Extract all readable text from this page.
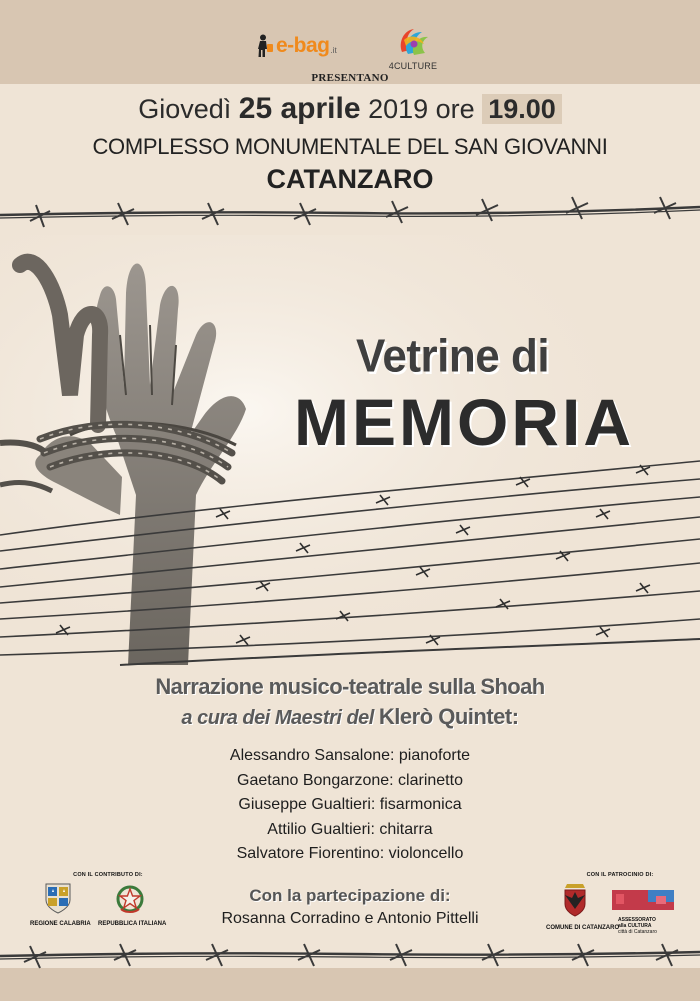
e-bag .it
4CULTURE
PRESENTANO
Giovedì 25 aprile 2019 ore 19.00
COMPLESSO MONUMENTALE DEL SAN GIOVANNI
CATANZARO
Vetrine di
MEMORIA
Narrazione musico-teatrale sulla Shoah
a cura dei Maestri del Klerò Quintet:
Alessandro Sansalone: pianoforte
Gaetano Bongarzone: clarinetto
Giuseppe Gualtieri: fisarmonica
Attilio Gualtieri: chitarra
Salvatore Fiorentino: violoncello
CON IL CONTRIBUTO DI:
REGIONE CALABRIA REPUBBLICA ITALIANA
CON IL PATROCINIO DI:
COMUNE DI CATANZARO
ASSESSORATO
alla CULTURA
città di Catanzaro
Con la partecipazione di:
Rosanna Corradino e Antonio Pittelli
